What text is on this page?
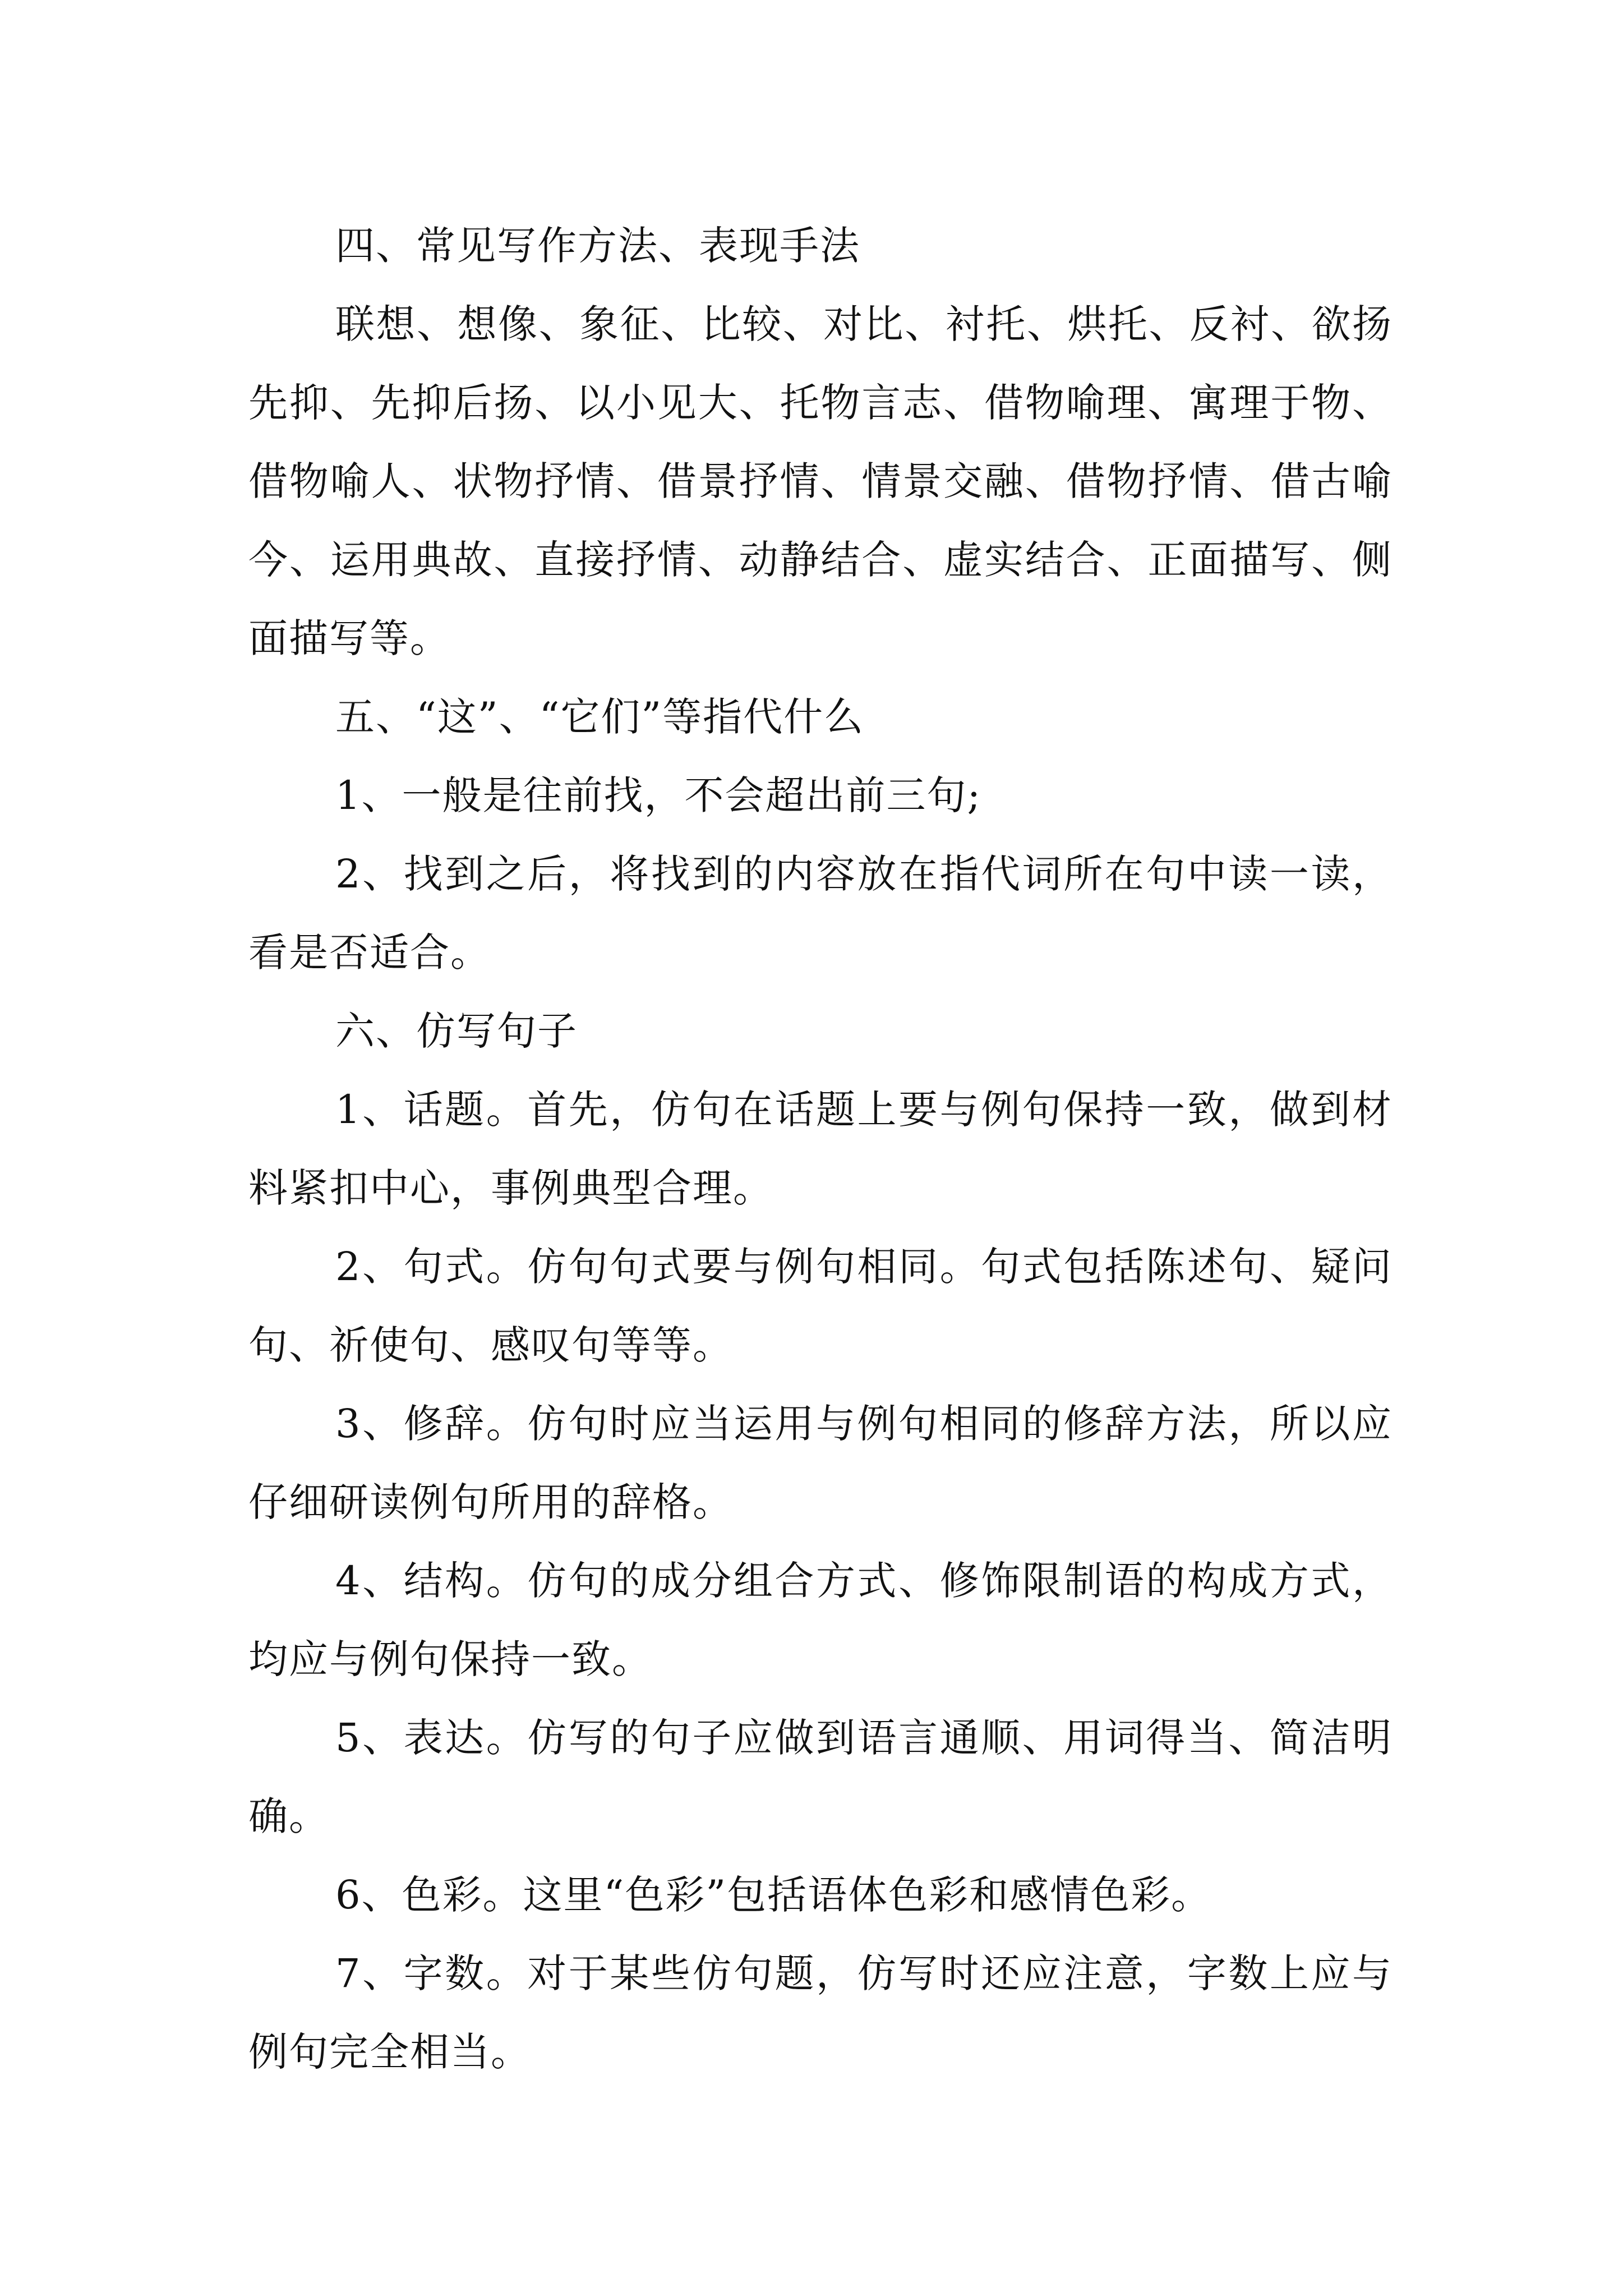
四、常见写作方法、表现手法

联想、想像、象征、比较、对比、衬托、烘托、反衬、欲扬先抑、先抑后扬、以小见大、托物言志、借物喻理、寓理于物、借物喻人、状物抒情、借景抒情、情景交融、借物抒情、借古喻今、运用典故、直接抒情、动静结合、虚实结合、正面描写、侧面描写等。

五、“这”、“它们”等指代什么

1、一般是往前找，不会超出前三句;

2、找到之后，将找到的内容放在指代词所在句中读一读，看是否适合。

六、仿写句子

1、话题。首先，仿句在话题上要与例句保持一致，做到材料紧扣中心，事例典型合理。

2、句式。仿句句式要与例句相同。句式包括陈述句、疑问句、祈使句、感叹句等等。

3、修辞。仿句时应当运用与例句相同的修辞方法，所以应仔细研读例句所用的辞格。

4、结构。仿句的成分组合方式、修饰限制语的构成方式，均应与例句保持一致。

5、表达。仿写的句子应做到语言通顺、用词得当、简洁明确。

6、色彩。这里“色彩”包括语体色彩和感情色彩。

7、字数。对于某些仿句题，仿写时还应注意，字数上应与例句完全相当。
